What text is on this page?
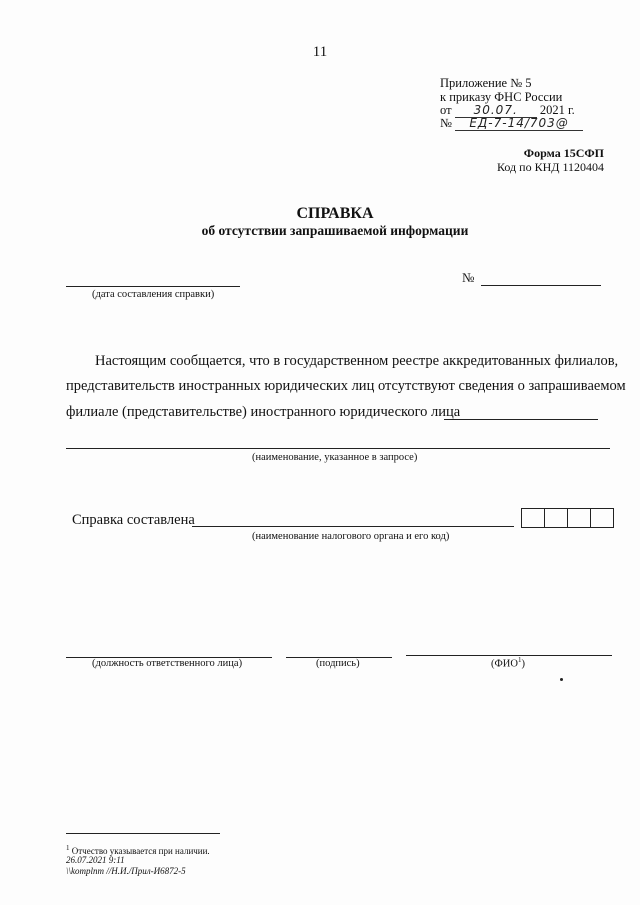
11
Приложение № 5
к приказу ФНС России
от 30.07. 2021 г.
№ ЕД-7-14/703@
Форма 15СФП
Код по КНД 1120404
СПРАВКА
об отсутствии запрашиваемой информации
(дата составления справки)
№
Настоящим сообщается, что в государственном реестре аккредитованных филиалов,
представительств иностранных юридических лиц отсутствуют сведения о запрашиваемом
филиале (представительстве) иностранного юридического лица
(наименование, указанное в запросе)
Справка составлена
(наименование налогового органа и его код)
(должность ответственного лица)	(подпись)	(ФИО$^1$)
$^1$ Отчество указывается при наличии.
26.07.2021 9:11
\\komplnm //Н.И./Прил-И6872-5
